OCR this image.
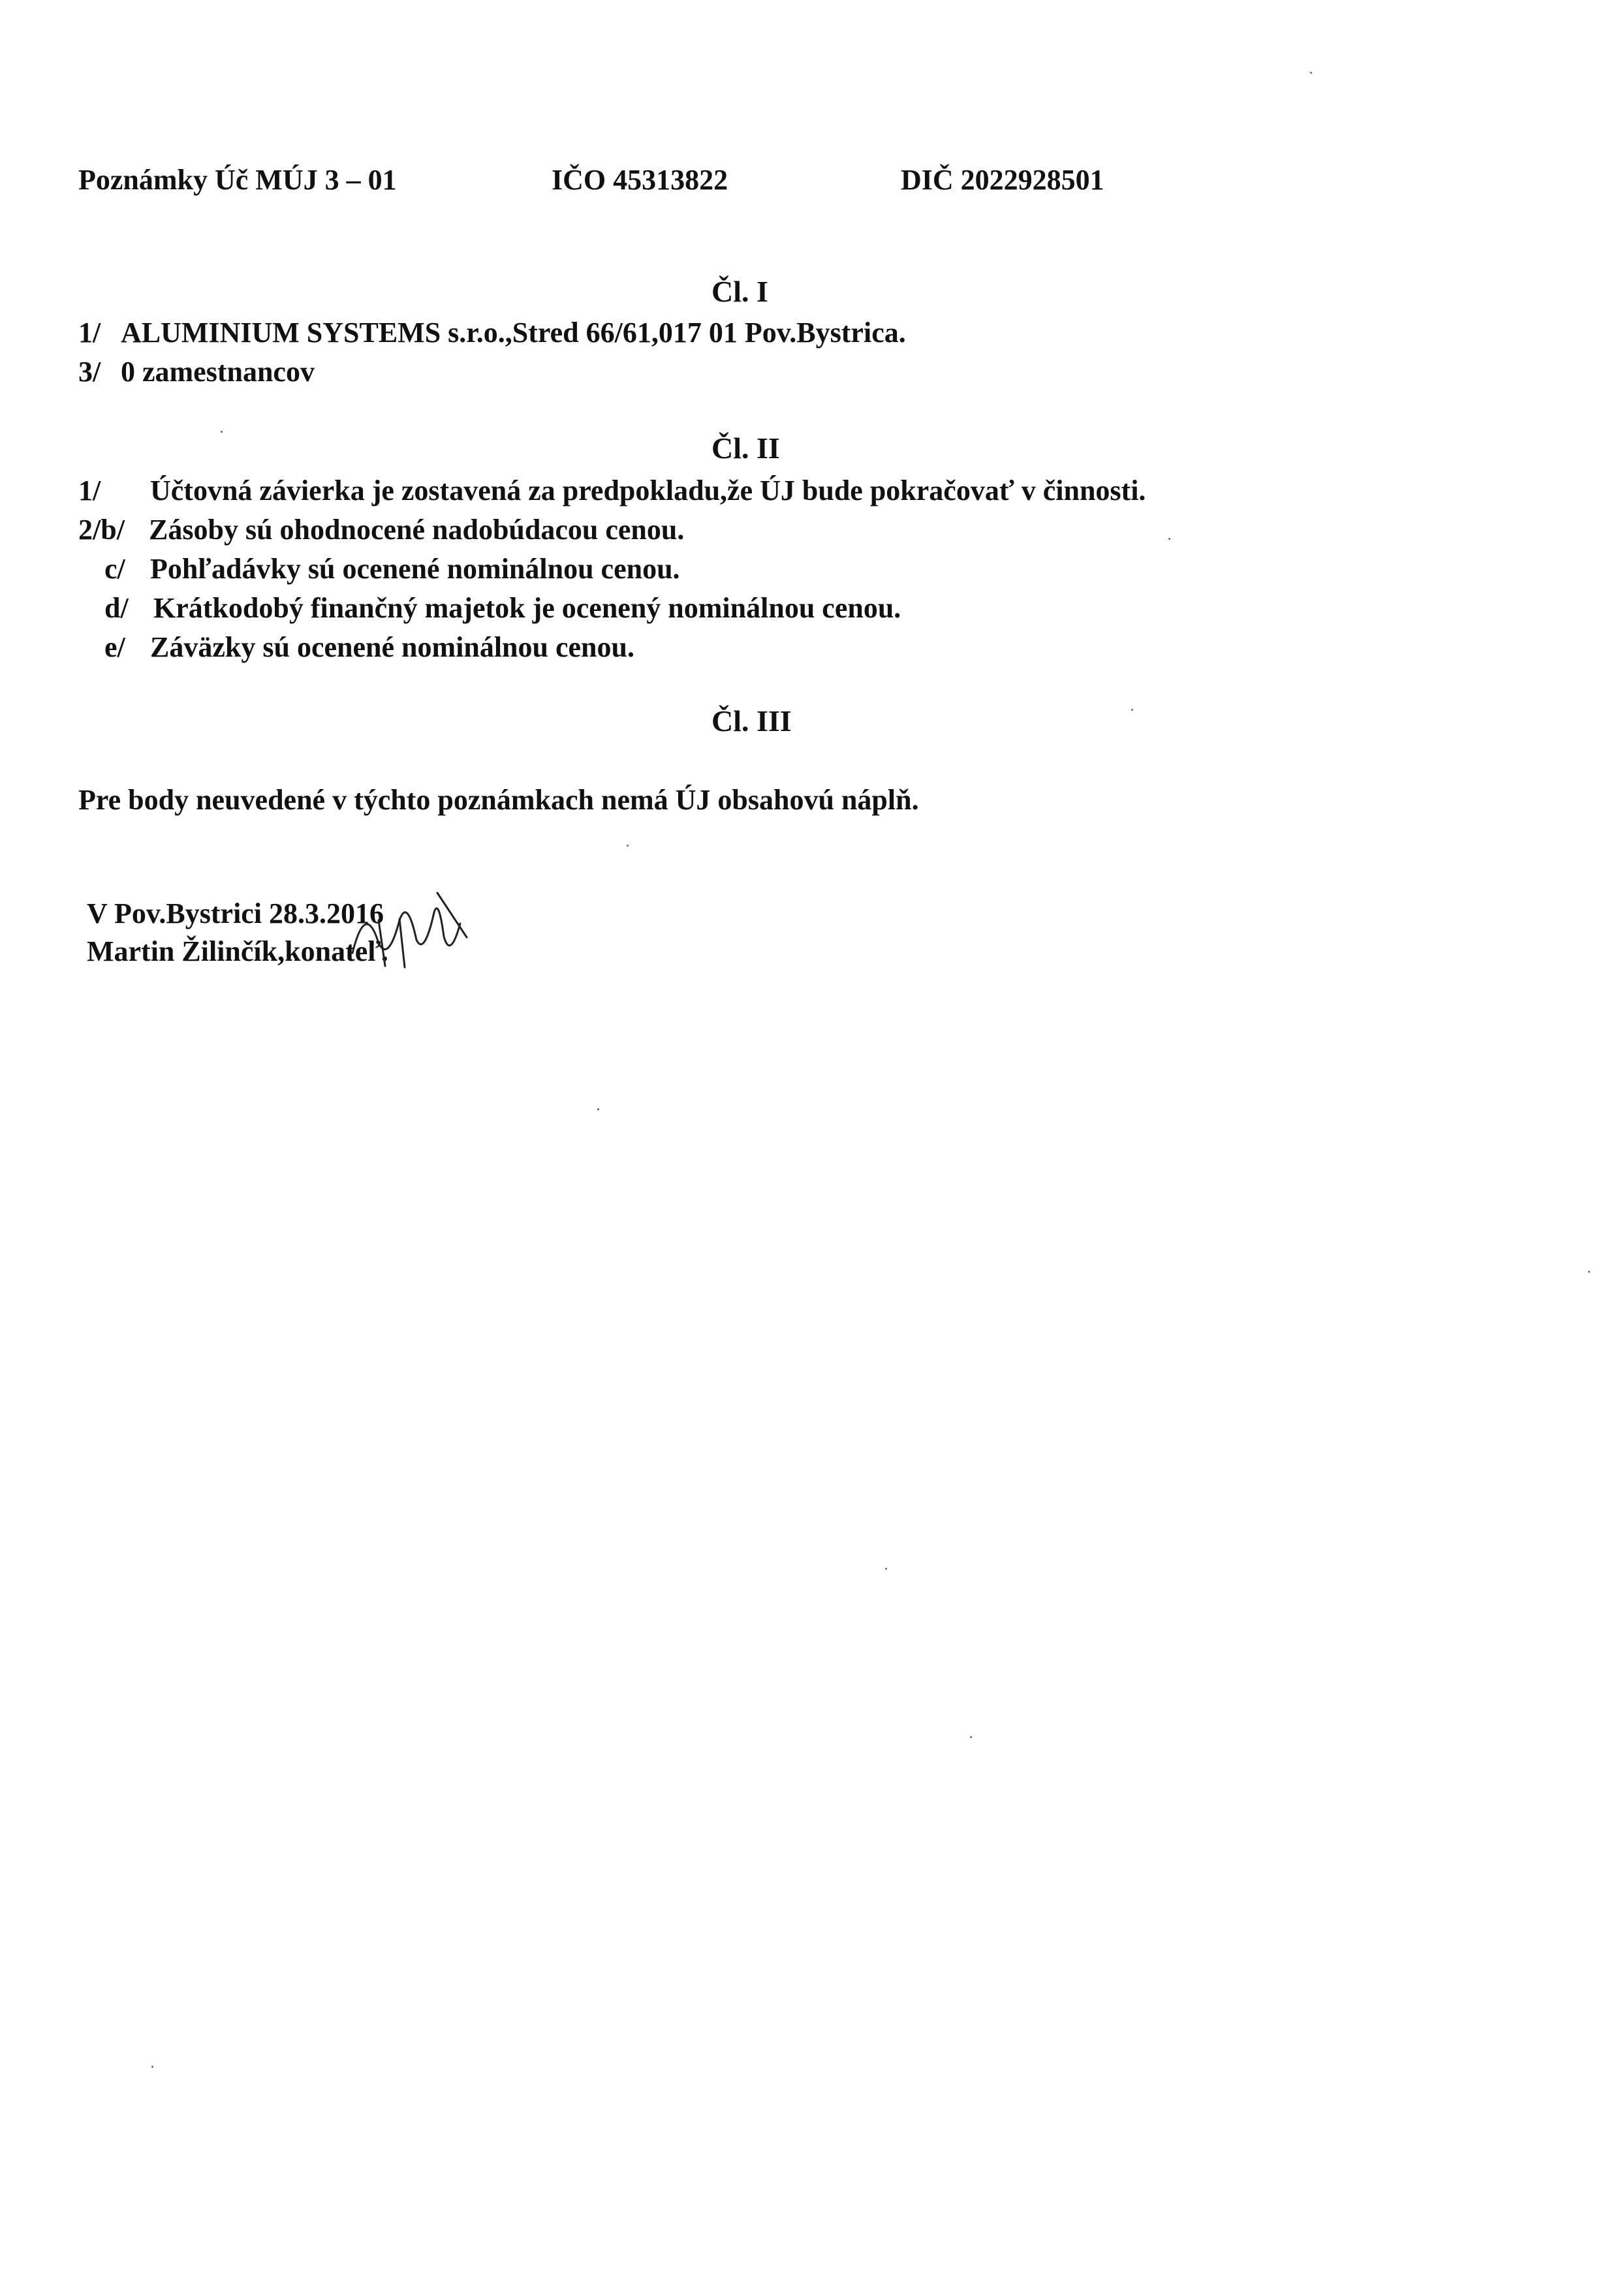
Poznámky Úč MÚJ 3 – 01	IČO 45313822	DIČ 2022928501
Čl. I
1/ ALUMINIUM SYSTEMS s.r.o.,Stred 66/61,017 01 Pov.Bystrica.
3/ 0 zamestnancov
Čl. II
1/ Účtovná závierka je zostavená za predpokladu,že ÚJ bude pokračovať v činnosti.
2/b/ Zásoby sú ohodnocené nadobúdacou cenou.
c/ Pohľadávky sú ocenené nominálnou cenou.
d/ Krátkodobý finančný majetok je ocenený nominálnou cenou.
e/ Záväzky sú ocenené nominálnou cenou.
Čl. III
Pre body neuvedené v týchto poznámkach nemá ÚJ obsahovú náplň.
V Pov.Bystrici 28.3.2016
Martin Žilinčík,konateľ.
